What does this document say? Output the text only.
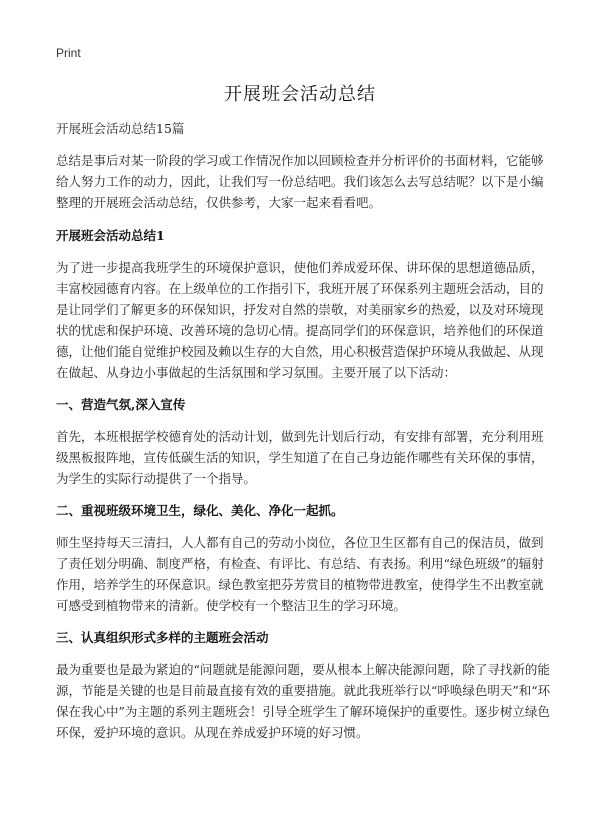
Print
开展班会活动总结

开展班会活动总结15篇

总结是事后对某一阶段的学习或工作情况作加以回顾检查并分析评价的书面材料，它能够给人努力工作的动力，因此，让我们写一份总结吧。我们该怎么去写总结呢？以下是小编整理的开展班会活动总结，仅供参考，大家一起来看看吧。

开展班会活动总结1

为了进一步提高我班学生的环境保护意识，使他们养成爱环保、讲环保的思想道德品质，丰富校园德育内容。在上级单位的工作指引下，我班开展了环保系列主题班会活动，目的是让同学们了解更多的环保知识，抒发对自然的崇敬，对美丽家乡的热爱，以及对环境现状的忧虑和保护环境、改善环境的急切心情。提高同学们的环保意识，培养他们的环保道德，让他们能自觉维护校园及赖以生存的大自然，用心积极营造保护环境从我做起、从现在做起、从身边小事做起的生活氛围和学习氛围。主要开展了以下活动：

一、营造气氛,深入宣传

首先，本班根据学校德育处的活动计划，做到先计划后行动，有安排有部署，充分利用班级黑板报阵地，宣传低碳生活的知识，学生知道了在自己身边能作哪些有关环保的事情，为学生的实际行动提供了一个指导。

二、重视班级环境卫生，绿化、美化、净化一起抓。

师生坚持每天三清扫，人人都有自己的劳动小岗位，各位卫生区都有自己的保洁员，做到了责任划分明确、制度严格，有检查、有评比、有总结、有表扬。利用“绿色班级”的辐射作用，培养学生的环保意识。绿色教室把芬芳赏目的植物带进教室，使得学生不出教室就可感受到植物带来的清新。使学校有一个整洁卫生的学习环境。

三、认真组织形式多样的主题班会活动

最为重要也是最为紧迫的“问题就是能源问题，要从根本上解决能源问题，除了寻找新的能源，节能是关键的也是目前最直接有效的重要措施。就此我班举行以“呼唤绿色明天”和“环保在我心中”为主题的系列主题班会！引导全班学生了解环境保护的重要性。逐步树立绿色环保，爱护环境的意识。从现在养成爱护环境的好习惯。
